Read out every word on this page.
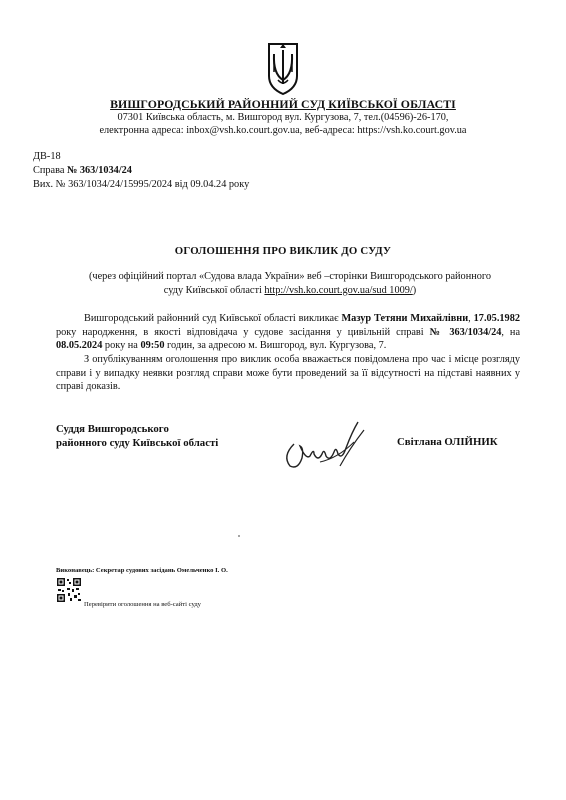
ВИШГОРОДСЬКИЙ РАЙОННИЙ СУД КИЇВСЬКОЇ ОБЛАСТІ
07301 Київська область, м. Вишгород вул. Кургузова, 7, тел.(04596)-26-170,
електронна адреса: inbox@vsh.ko.court.gov.ua, веб-адреса: https://vsh.ko.court.gov.ua
ДВ-18
Справа № 363/1034/24
Вих. № 363/1034/24/15995/2024 від 09.04.24 року
ОГОЛОШЕННЯ ПРО ВИКЛИК ДО СУДУ
(через офіційний портал «Судова влада України» веб –сторінки Вишгородського районного суду Київської області http://vsh.ko.court.gov.ua/sud 1009/)
Вишгородський районний суд Київської області викликає Мазур Тетяни Михайлівни, 17.05.1982 року народження, в якості відповідача у судове засідання у цивільній справі № 363/1034/24, на 08.05.2024 року на 09:50 годин, за адресою м. Вишгород, вул. Кургузова, 7.
З опублікуванням оголошення про виклик особа вважається повідомлена про час і місце розгляду справи і у випадку неявки розгляд справи може бути проведений за її відсутності на підставі наявних у справі доказів.
Суддя Вишгородського
районного суду Київської області	Світлана ОЛІЙНИК
Виконавець: Секретар судових засідань Омельченко І. О.
Перевірити оголошення на веб-сайті суду
